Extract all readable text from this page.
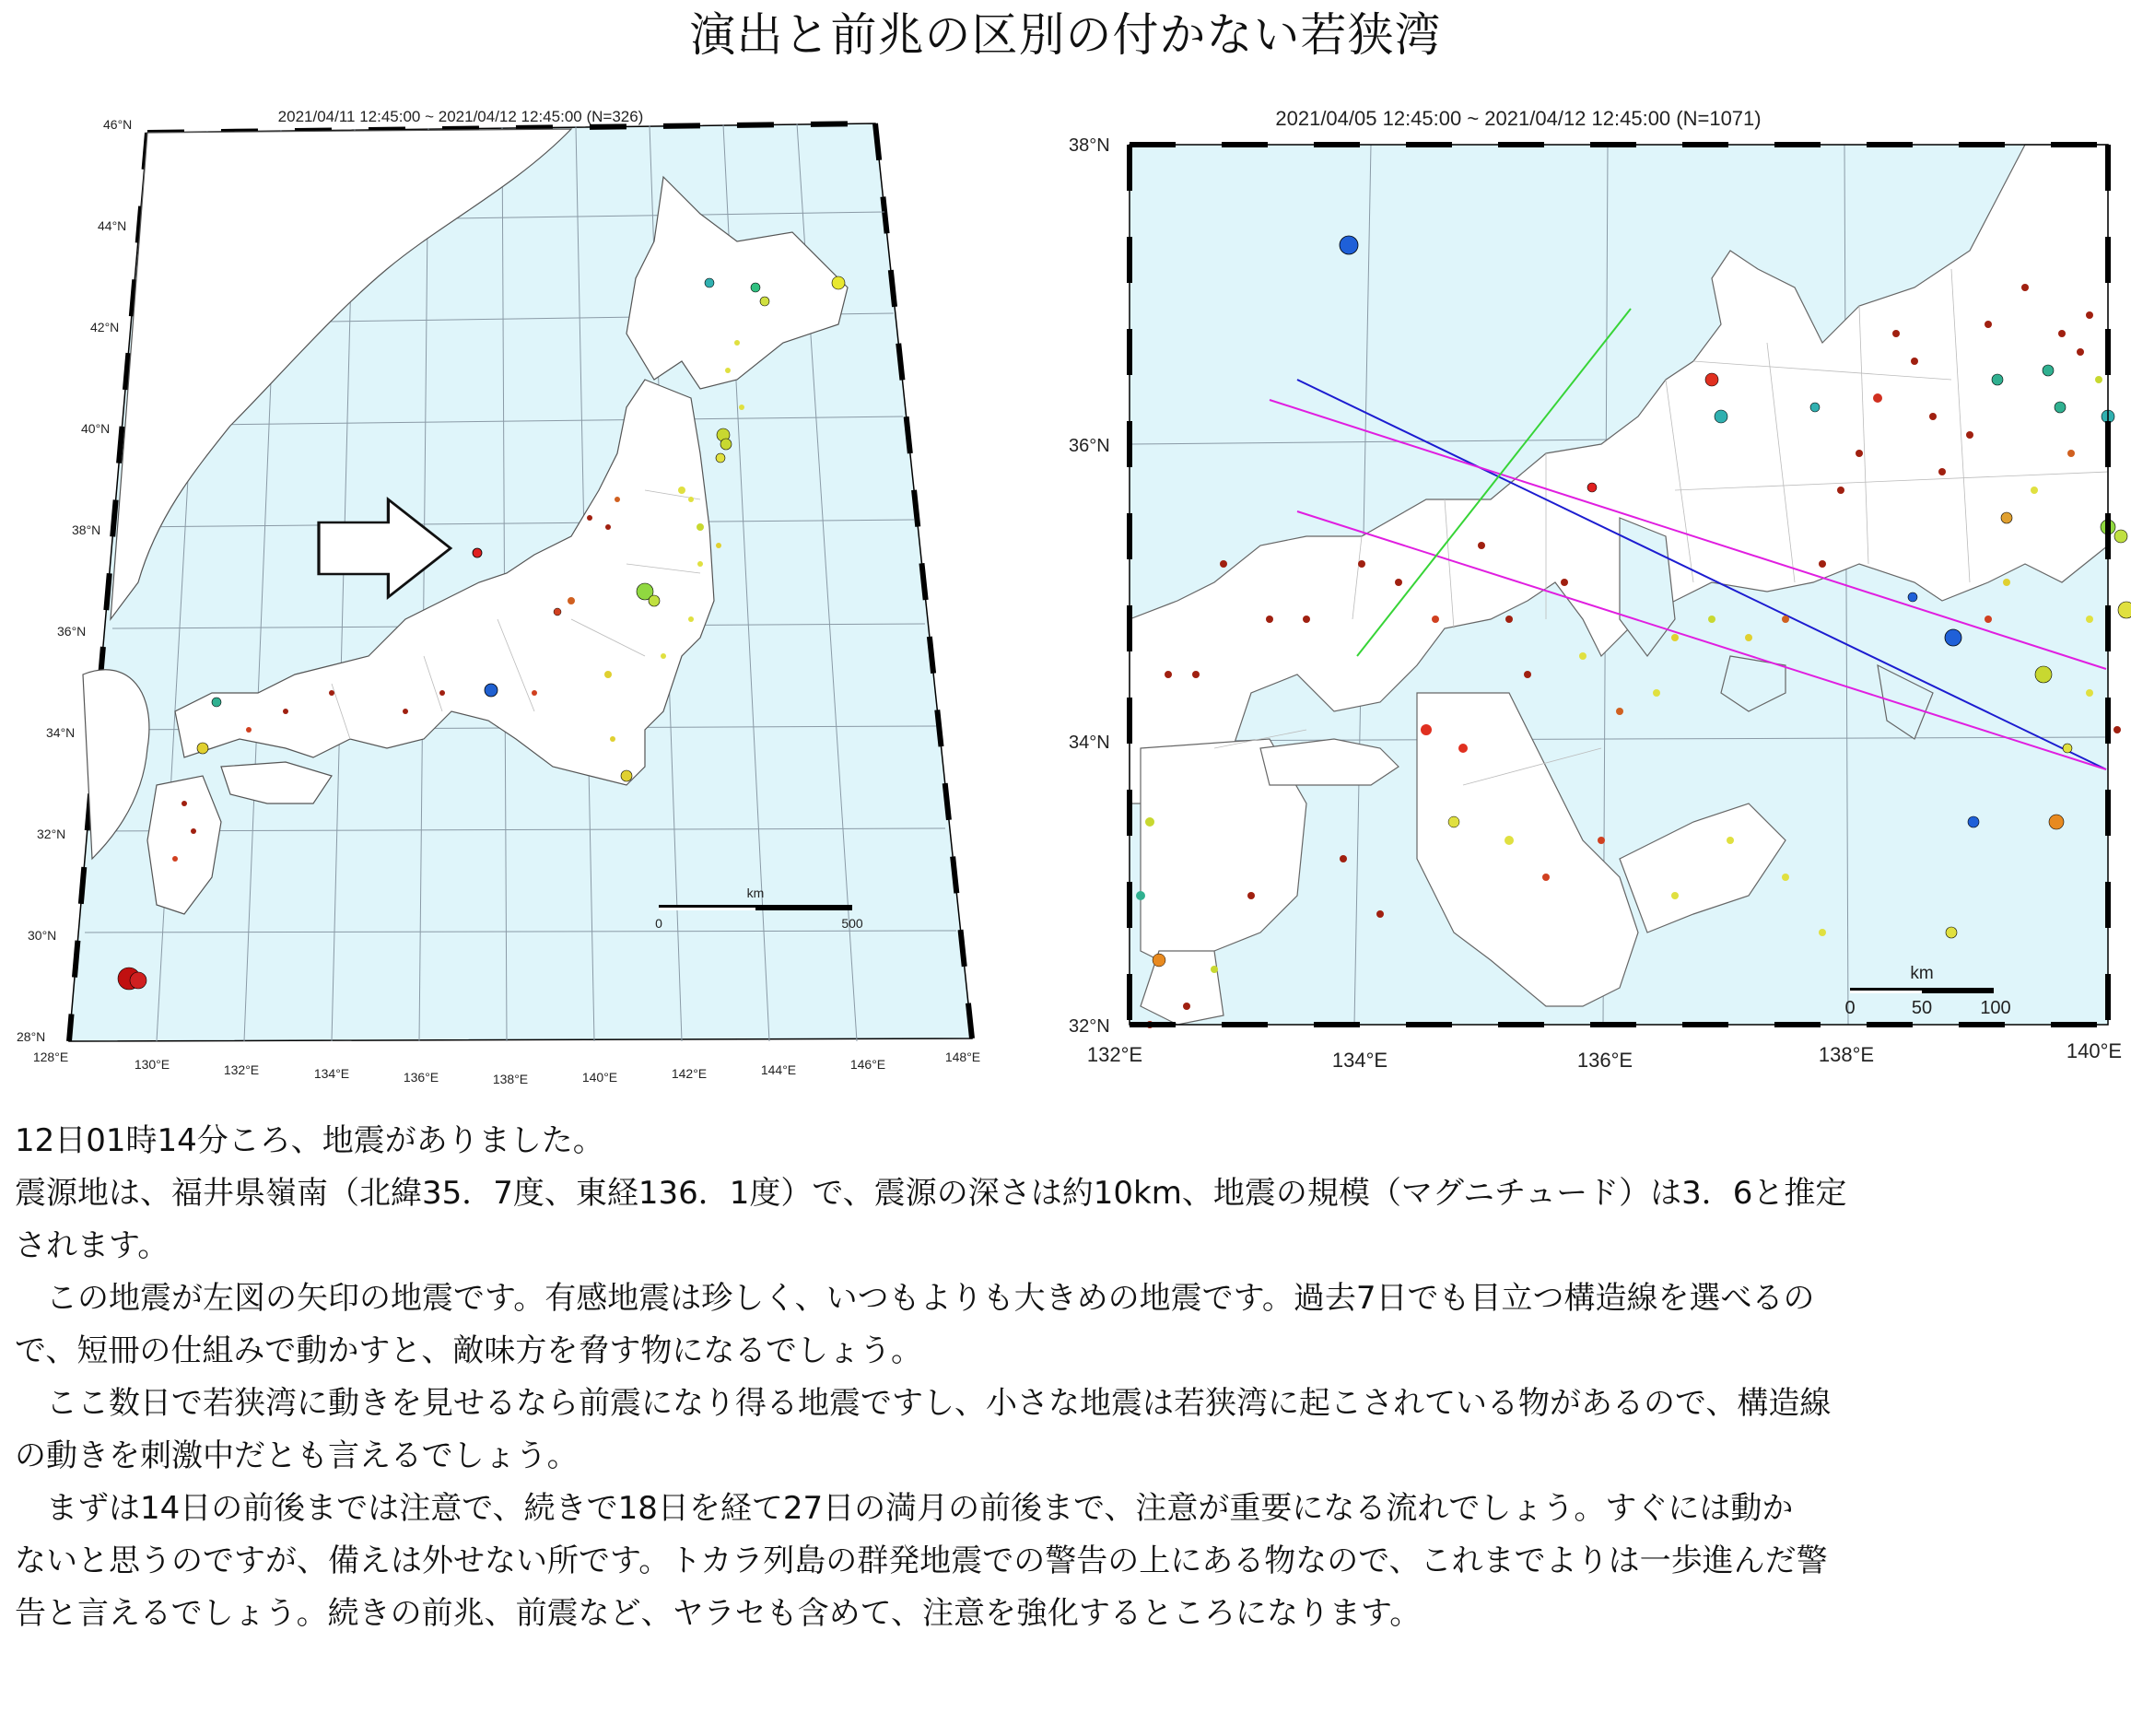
演出と前兆の区別の付かない若狭湾
2021/04/11 12:45:00 ~ 2021/04/12 12:45:00 (N=326)
km
0	500
46°N
44°N
42°N
40°N
38°N
36°N
34°N
32°N
30°N
28°N
128°E	130°E	132°E	134°E	136°E	138°E	140°E	142°E	144°E	146°E	148°E
2021/04/05 12:45:00 ~ 2021/04/12 12:45:00 (N=1071)
km
0	50	100
38°N
36°N
34°N
32°N
132°E	134°E	136°E	138°E	140°E

12日01時14分ころ、地震がありました。

震源地は、福井県嶺南（北緯35．7度、東経136．1度）で、震源の深さは約10km、地震の規模（マグニチュード）は3．6と推定

されます。

この地震が左図の矢印の地震です。有感地震は珍しく、いつもよりも大きめの地震です。過去7日でも目立つ構造線を選べるの

で、短冊の仕組みで動かすと、敵味方を脅す物になるでしょう。

ここ数日で若狭湾に動きを見せるなら前震になり得る地震ですし、小さな地震は若狭湾に起こされている物があるので、構造線

の動きを刺激中だとも言えるでしょう。

まずは14日の前後までは注意で、続きで18日を経て27日の満月の前後まで、注意が重要になる流れでしょう。すぐには動か

ないと思うのですが、備えは外せない所です。トカラ列島の群発地震での警告の上にある物なので、これまでよりは一歩進んだ警

告と言えるでしょう。続きの前兆、前震など、ヤラセも含めて、注意を強化するところになります。
